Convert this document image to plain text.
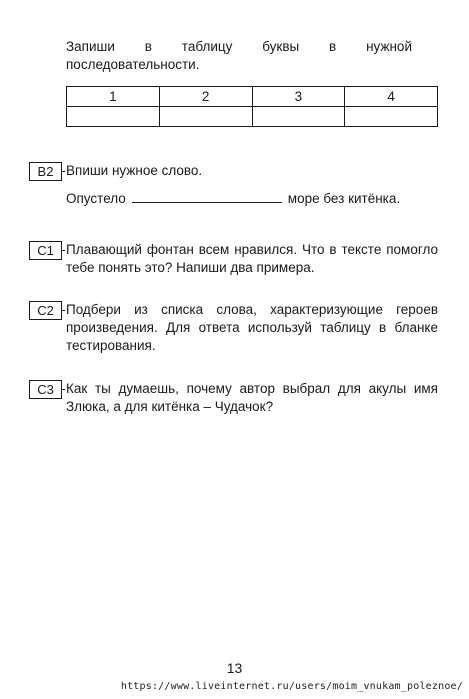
Запиши в таблицу буквы в нужной последовательности.

1	2	3	4

B2 Впиши нужное слово.

Опустело	море без китёнка.

C1 Плавающий фонтан всем нравился. Что в тексте помогло тебе понять это? Напиши два примера.

C2 Подбери из списка слова, характеризующие героев произведения. Для ответа используй таблицу в бланке тестирования.

C3 Как ты думаешь, почему автор выбрал для акулы имя Злюка, а для китёнка – Чудачок?

13
https://www.liveinternet.ru/users/moim_vnukam_poleznoe/
